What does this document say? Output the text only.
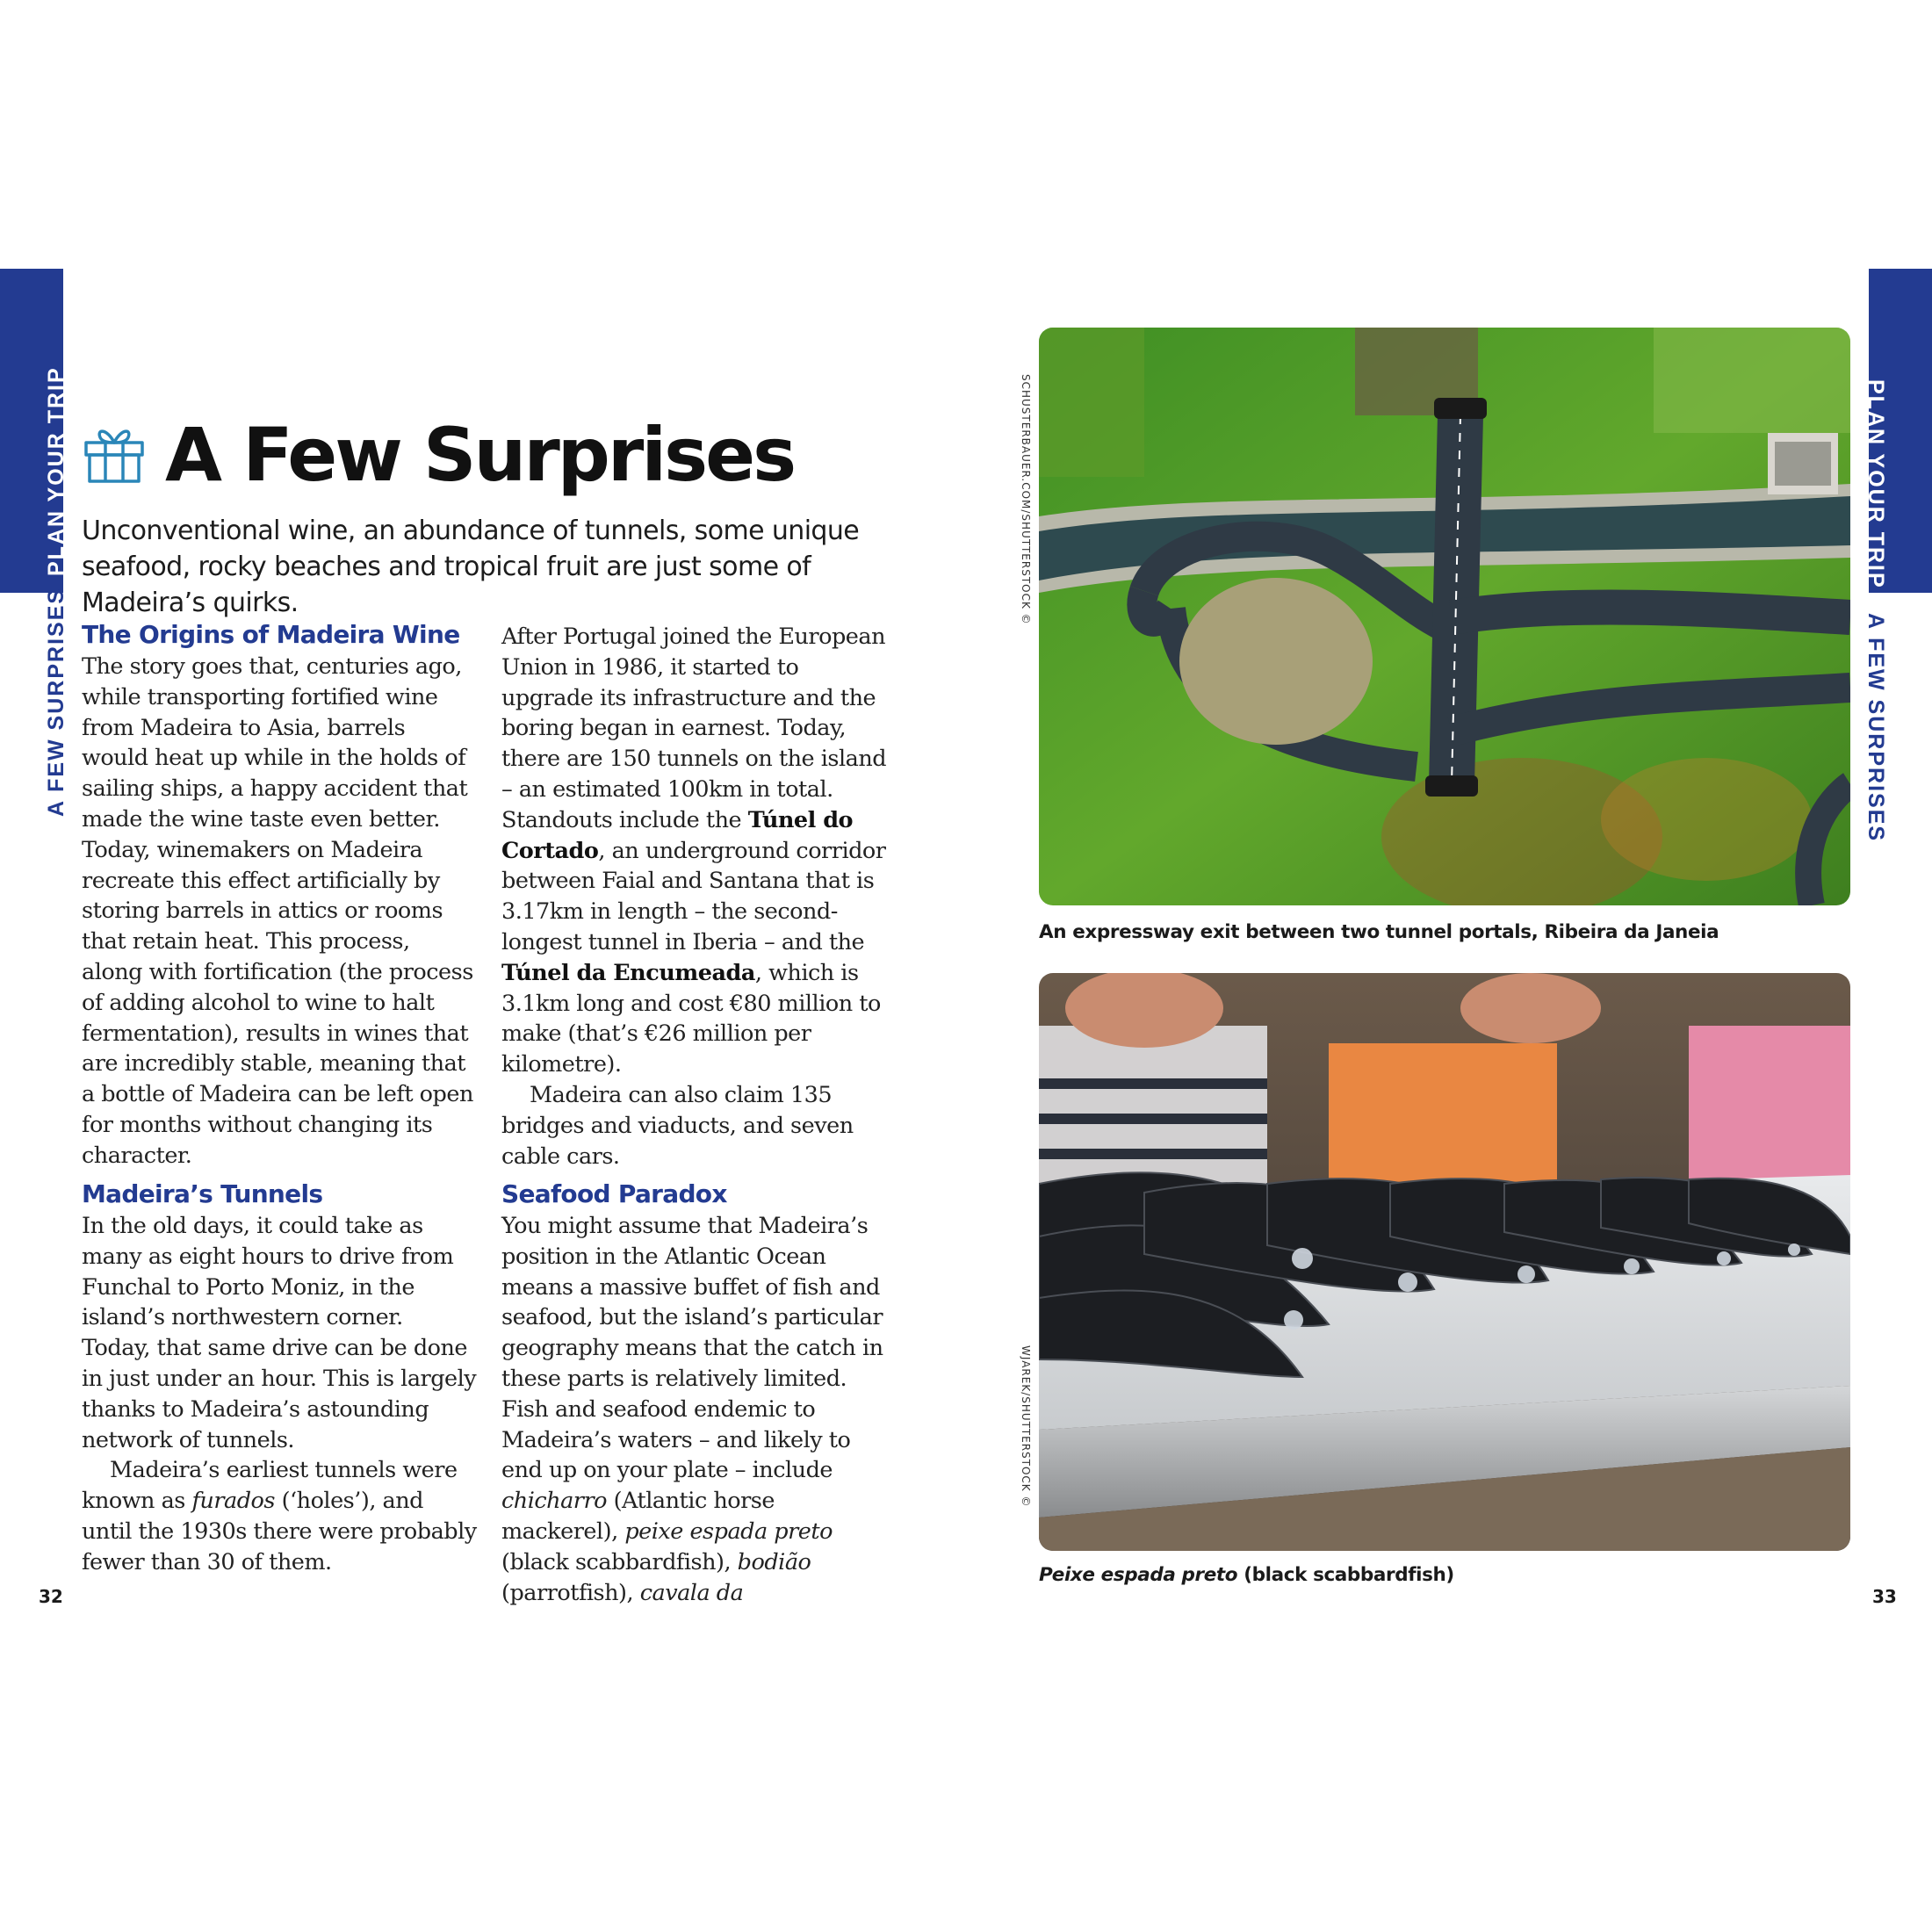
PLAN YOUR TRIP
A FEW SURPRISES
PLAN YOUR TRIP
A FEW SURPRISES
A Few Surprises
Unconventional wine, an abundance of tunnels, some unique seafood, rocky beaches and tropical fruit are just some of Madeira’s quirks.
The Origins of Madeira Wine

The story goes that, centuries ago, while transporting fortified wine from Madeira to Asia, barrels would heat up while in the holds of sailing ships, a happy accident that made the wine taste even better. Today, winemakers on Madeira recreate this effect artificially by storing barrels in attics or rooms that retain heat. This process, along with fortification (the process of adding alcohol to wine to halt fermentation), results in wines that are incredibly stable, meaning that a bottle of Madeira can be left open for months without changing its character.

Madeira’s Tunnels

In the old days, it could take as many as eight hours to drive from Funchal to Porto Moniz, in the island’s northwestern corner. Today, that same drive can be done in just under an hour. This is largely thanks to Madeira’s astounding network of tunnels.

Madeira’s earliest tunnels were known as furados (‘holes’), and until the 1930s there were probably fewer than 30 of them.

After Portugal joined the European Union in 1986, it started to upgrade its infrastructure and the boring began in earnest. Today, there are 150 tunnels on the island – an estimated 100km in total. Standouts include the Túnel do Cortado, an underground corridor between Faial and Santana that is 3.17km in length – the second-longest tunnel in Iberia – and the Túnel da Encumeada, which is 3.1km long and cost €80 million to make (that’s €26 million per kilometre).

Madeira can also claim 135 bridges and viaducts, and seven cable cars.

Seafood Paradox

You might assume that Madeira’s position in the Atlantic Ocean means a massive buffet of fish and seafood, but the island’s particular geography means that the catch in these parts is relatively limited. Fish and seafood endemic to Madeira’s waters – and likely to end up on your plate – include chicharro (Atlantic horse mackerel), peixe espada preto (black scabbardfish), bodião (parrotfish), cavala da

SCHUSTERBAUER.COM/SHUTTERSTOCK ©
An expressway exit between two tunnel portals, Ribeira da Janeia
WJAREK/SHUTTERSTOCK ©
Peixe espada preto (black scabbardfish)
32	33
